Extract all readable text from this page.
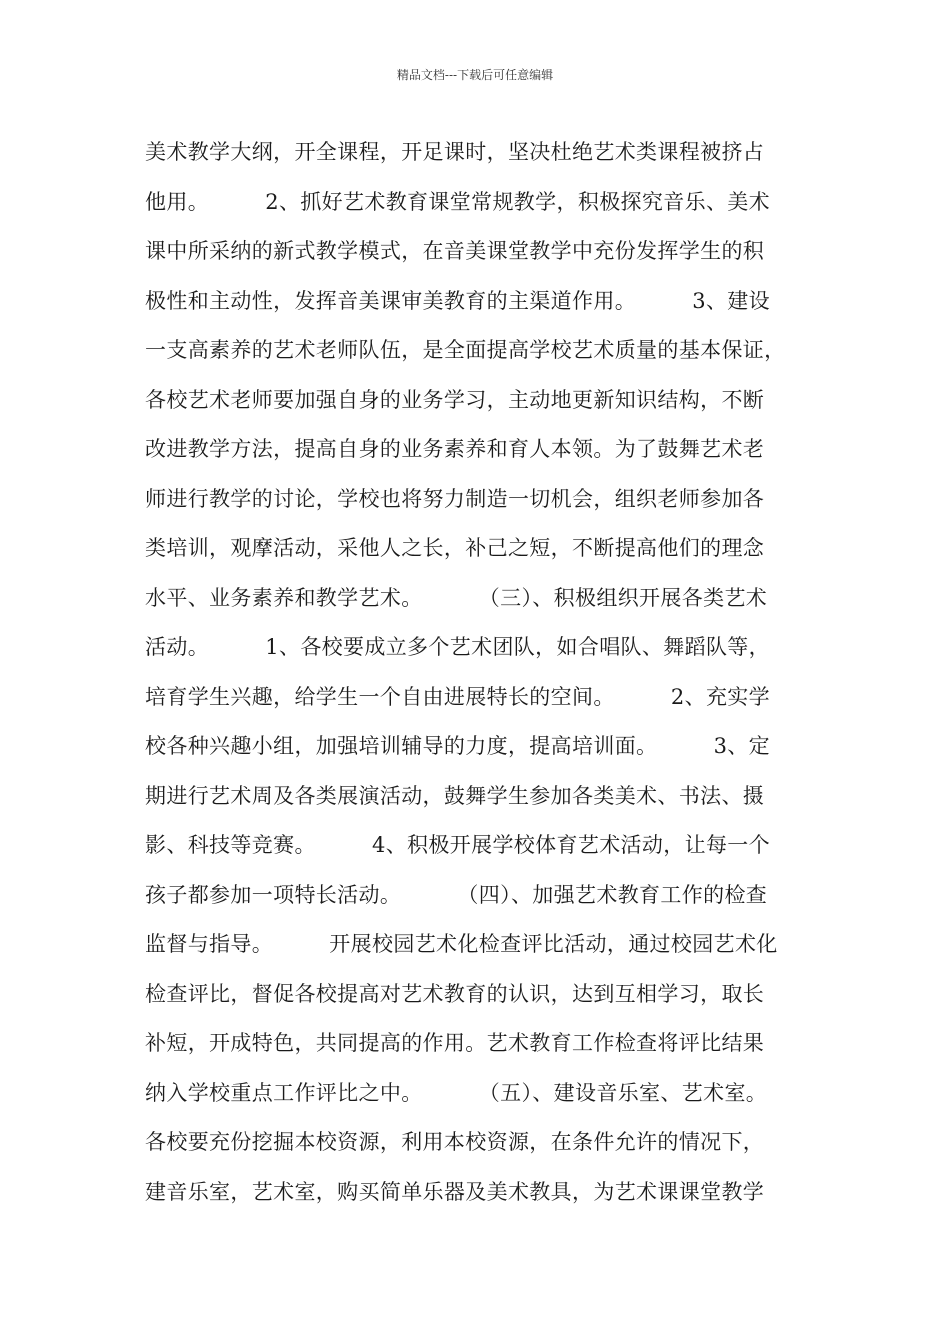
精品文档---下载后可任意编辑
美术教学大纲，开全课程，开足课时，坚决杜绝艺术类课程被挤占
他用。        2、抓好艺术教育课堂常规教学，积极探究音乐、美术
课中所采纳的新式教学模式，在音美课堂教学中充份发挥学生的积
极性和主动性，发挥音美课审美教育的主渠道作用。        3、建设
一支高素养的艺术老师队伍，是全面提高学校艺术质量的基本保证，
各校艺术老师要加强自身的业务学习，主动地更新知识结构，不断
改进教学方法，提高自身的业务素养和育人本领。为了鼓舞艺术老
师进行教学的讨论，学校也将努力制造一切机会，组织老师参加各
类培训，观摩活动，采他人之长，补己之短，不断提高他们的理念
水平、业务素养和教学艺术。        （三）、积极组织开展各类艺术
活动。        1、各校要成立多个艺术团队，如合唱队、舞蹈队等，
培育学生兴趣，给学生一个自由进展特长的空间。        2、充实学
校各种兴趣小组，加强培训辅导的力度，提高培训面。        3、定
期进行艺术周及各类展演活动，鼓舞学生参加各类美术、书法、摄
影、科技等竞赛。        4、积极开展学校体育艺术活动，让每一个
孩子都参加一项特长活动。        （四）、加强艺术教育工作的检查
监督与指导。        开展校园艺术化检查评比活动，通过校园艺术化
检查评比，督促各校提高对艺术教育的认识，达到互相学习，取长
补短，开成特色，共同提高的作用。艺术教育工作检查将评比结果
纳入学校重点工作评比之中。        （五）、建设音乐室、艺术室。
各校要充份挖掘本校资源，利用本校资源，在条件允许的情况下，
建音乐室，艺术室，购买简单乐器及美术教具，为艺术课课堂教学
